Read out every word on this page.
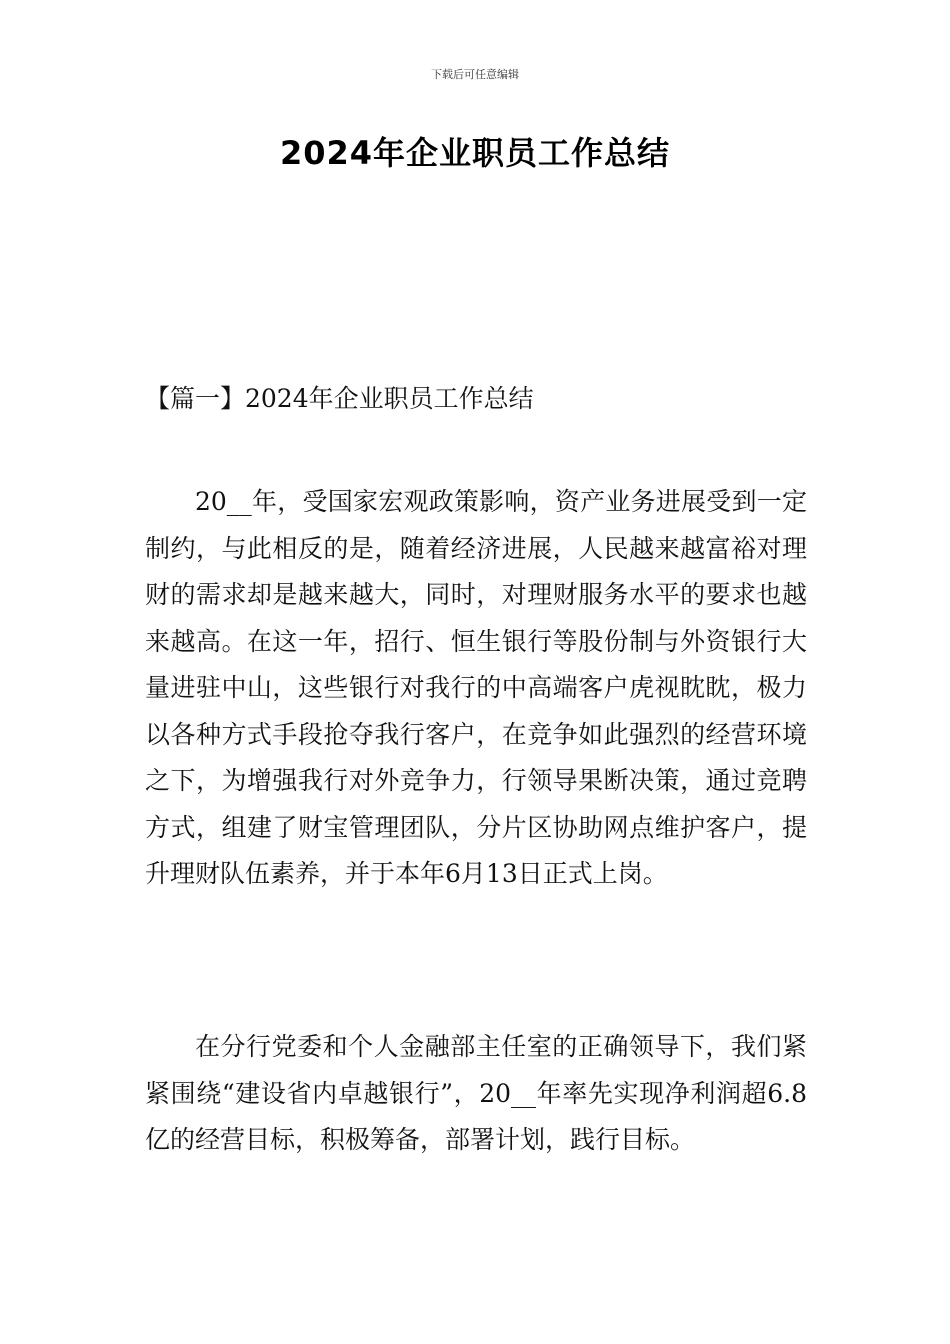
下载后可任意编辑
2024年企业职员工作总结
【篇一】2024年企业职员工作总结

20__年，受国家宏观政策影响，资产业务进展受到一定制约，与此相反的是，随着经济进展，人民越来越富裕对理财的需求却是越来越大，同时，对理财服务水平的要求也越来越高。在这一年，招行、恒生银行等股份制与外资银行大量进驻中山，这些银行对我行的中高端客户虎视眈眈，极力以各种方式手段抢夺我行客户，在竞争如此强烈的经营环境之下，为增强我行对外竞争力，行领导果断决策，通过竞聘方式，组建了财宝管理团队，分片区协助网点维护客户，提升理财队伍素养，并于本年6月13日正式上岗。

在分行党委和个人金融部主任室的正确领导下，我们紧紧围绕“建设省内卓越银行”，20__年率先实现净利润超6.8亿的经营目标，积极筹备，部署计划，践行目标。
